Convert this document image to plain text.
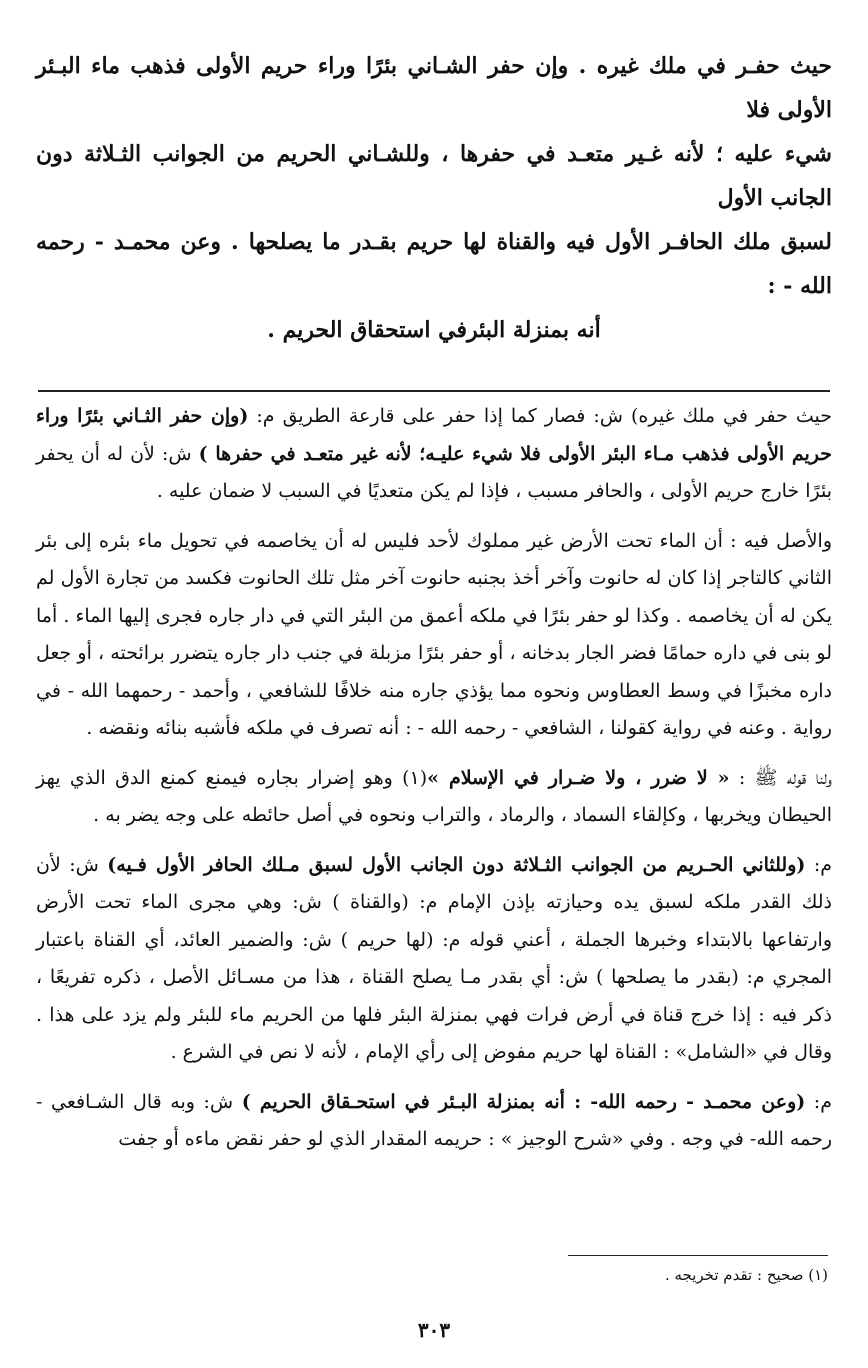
حيث حفـر في ملك غيره . وإن حفر الشـاني بئرًا وراء حريم الأولى فذهب ماء البـئر الأولى فلا

شيء عليه ؛ لأنه غـير متعـد في حفرها ، وللشـاني الحريم من الجوانب الثـلاثة دون الجانب الأول

لسبق ملك الحافـر الأول فيه والقناة لها حريم بقـدر ما يصلحها . وعن محمـد - رحمه الله - :

أنه بمنزلة البئرفي استحقاق الحريم .

حيث حفر في ملك غيره) ش: فصار كما إذا حفر على قارعة الطريق م: (وإن حفر الثـاني بئرًا وراء حريم الأولى فذهب مـاء البئر الأولى فلا شيء عليـه؛ لأنه غير متعـد في حفرها ) ش: لأن له أن يحفر بئرًا خارج حريم الأولى ، والحافر مسبب ، فإذا لم يكن متعديًا في السبب لا ضمان عليه .

والأصل فيه : أن الماء تحت الأرض غير مملوك لأحد فليس له أن يخاصمه في تحويل ماء بئره إلى بئر الثاني كالتاجر إذا كان له حانوت وآخر أخذ بجنبه حانوت آخر مثل تلك الحانوت فكسد من تجارة الأول لم يكن له أن يخاصمه . وكذا لو حفر بئرًا في ملكه أعمق من البئر التي في دار جاره فجرى إليها الماء . أما لو بنى في داره حمامًا فضر الجار بدخانه ، أو حفر بئرًا مزبلة في جنب دار جاره يتضرر برائحته ، أو جعل داره مخبزًا في وسط العطاوس ونحوه مما يؤذي جاره منه خلافًا للشافعي ، وأحمد - رحمهما الله - في رواية . وعنه في رواية كقولنا ، الشافعي - رحمه الله - : أنه تصرف في ملكه فأشبه بنائه ونقضه .

ولنا قوله ﷺ : « لا ضرر ، ولا ضـرار في الإسلام »(١) وهو إضرار بجاره فيمنع كمنع الدق الذي يهز الحيطان ويخربها ، وكإلقاء السماد ، والرماد ، والتراب ونحوه في أصل حائطه على وجه يضر به .

م: (وللثاني الحـريم من الجوانب الثـلاثة دون الجانب الأول لسبق مـلك الحافر الأول فـيه) ش: لأن ذلك القدر ملكه لسبق يده وحيازته بإذن الإمام م: (والقناة ) ش: وهي مجرى الماء تحت الأرض وارتفاعها بالابتداء وخبرها الجملة ، أعني قوله م: (لها حريم ) ش: والضمير العائد، أي القناة باعتبار المجري م: (بقدر ما يصلحها ) ش: أي بقدر مـا يصلح القناة ، هذا من مسـائل الأصل ، ذكره تفريعًا ، ذكر فيه : إذا خرج قناة في أرض فرات فهي بمنزلة البئر فلها من الحريم ماء للبئر ولم يزد على هذا . وقال في «الشامل» : القناة لها حريم مفوض إلى رأي الإمام ، لأنه لا نص في الشرع .

م: (وعن محمـد - رحمه الله- : أنه بمنزلة البـئر في استحـقاق الحريم ) ش: وبه قال الشـافعي - رحمه الله- في وجه . وفي «شرح الوجيز » : حريمه المقدار الذي لو حفر نقض ماءه أو جفت

(١) صحيح : تقدم تخريجه .
٣٠٣
